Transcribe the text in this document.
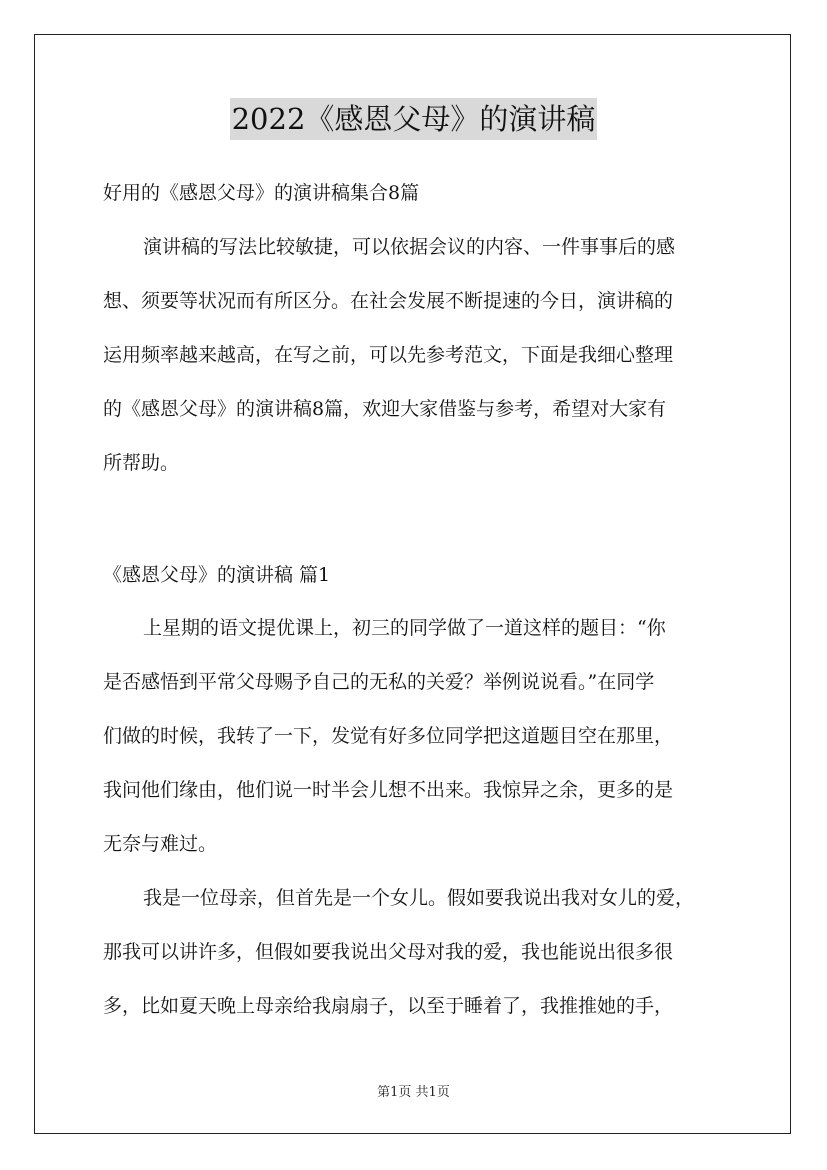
2022《感恩父母》的演讲稿
好用的《感恩父母》的演讲稿集合8篇
演讲稿的写法比较敏捷，可以依据会议的内容、一件事事后的感
想、须要等状况而有所区分。在社会发展不断提速的今日，演讲稿的
运用频率越来越高，在写之前，可以先参考范文，下面是我细心整理
的《感恩父母》的演讲稿8篇，欢迎大家借鉴与参考，希望对大家有
所帮助。
《感恩父母》的演讲稿 篇1
上星期的语文提优课上，初三的同学做了一道这样的题目：“你
是否感悟到平常父母赐予自己的无私的关爱？举例说说看。”在同学
们做的时候，我转了一下，发觉有好多位同学把这道题目空在那里，
我问他们缘由，他们说一时半会儿想不出来。我惊异之余，更多的是
无奈与难过。
我是一位母亲，但首先是一个女儿。假如要我说出我对女儿的爱，
那我可以讲许多，但假如要我说出父母对我的爱，我也能说出很多很
多，比如夏天晚上母亲给我扇扇子，以至于睡着了，我推推她的手，
第1页 共1页
